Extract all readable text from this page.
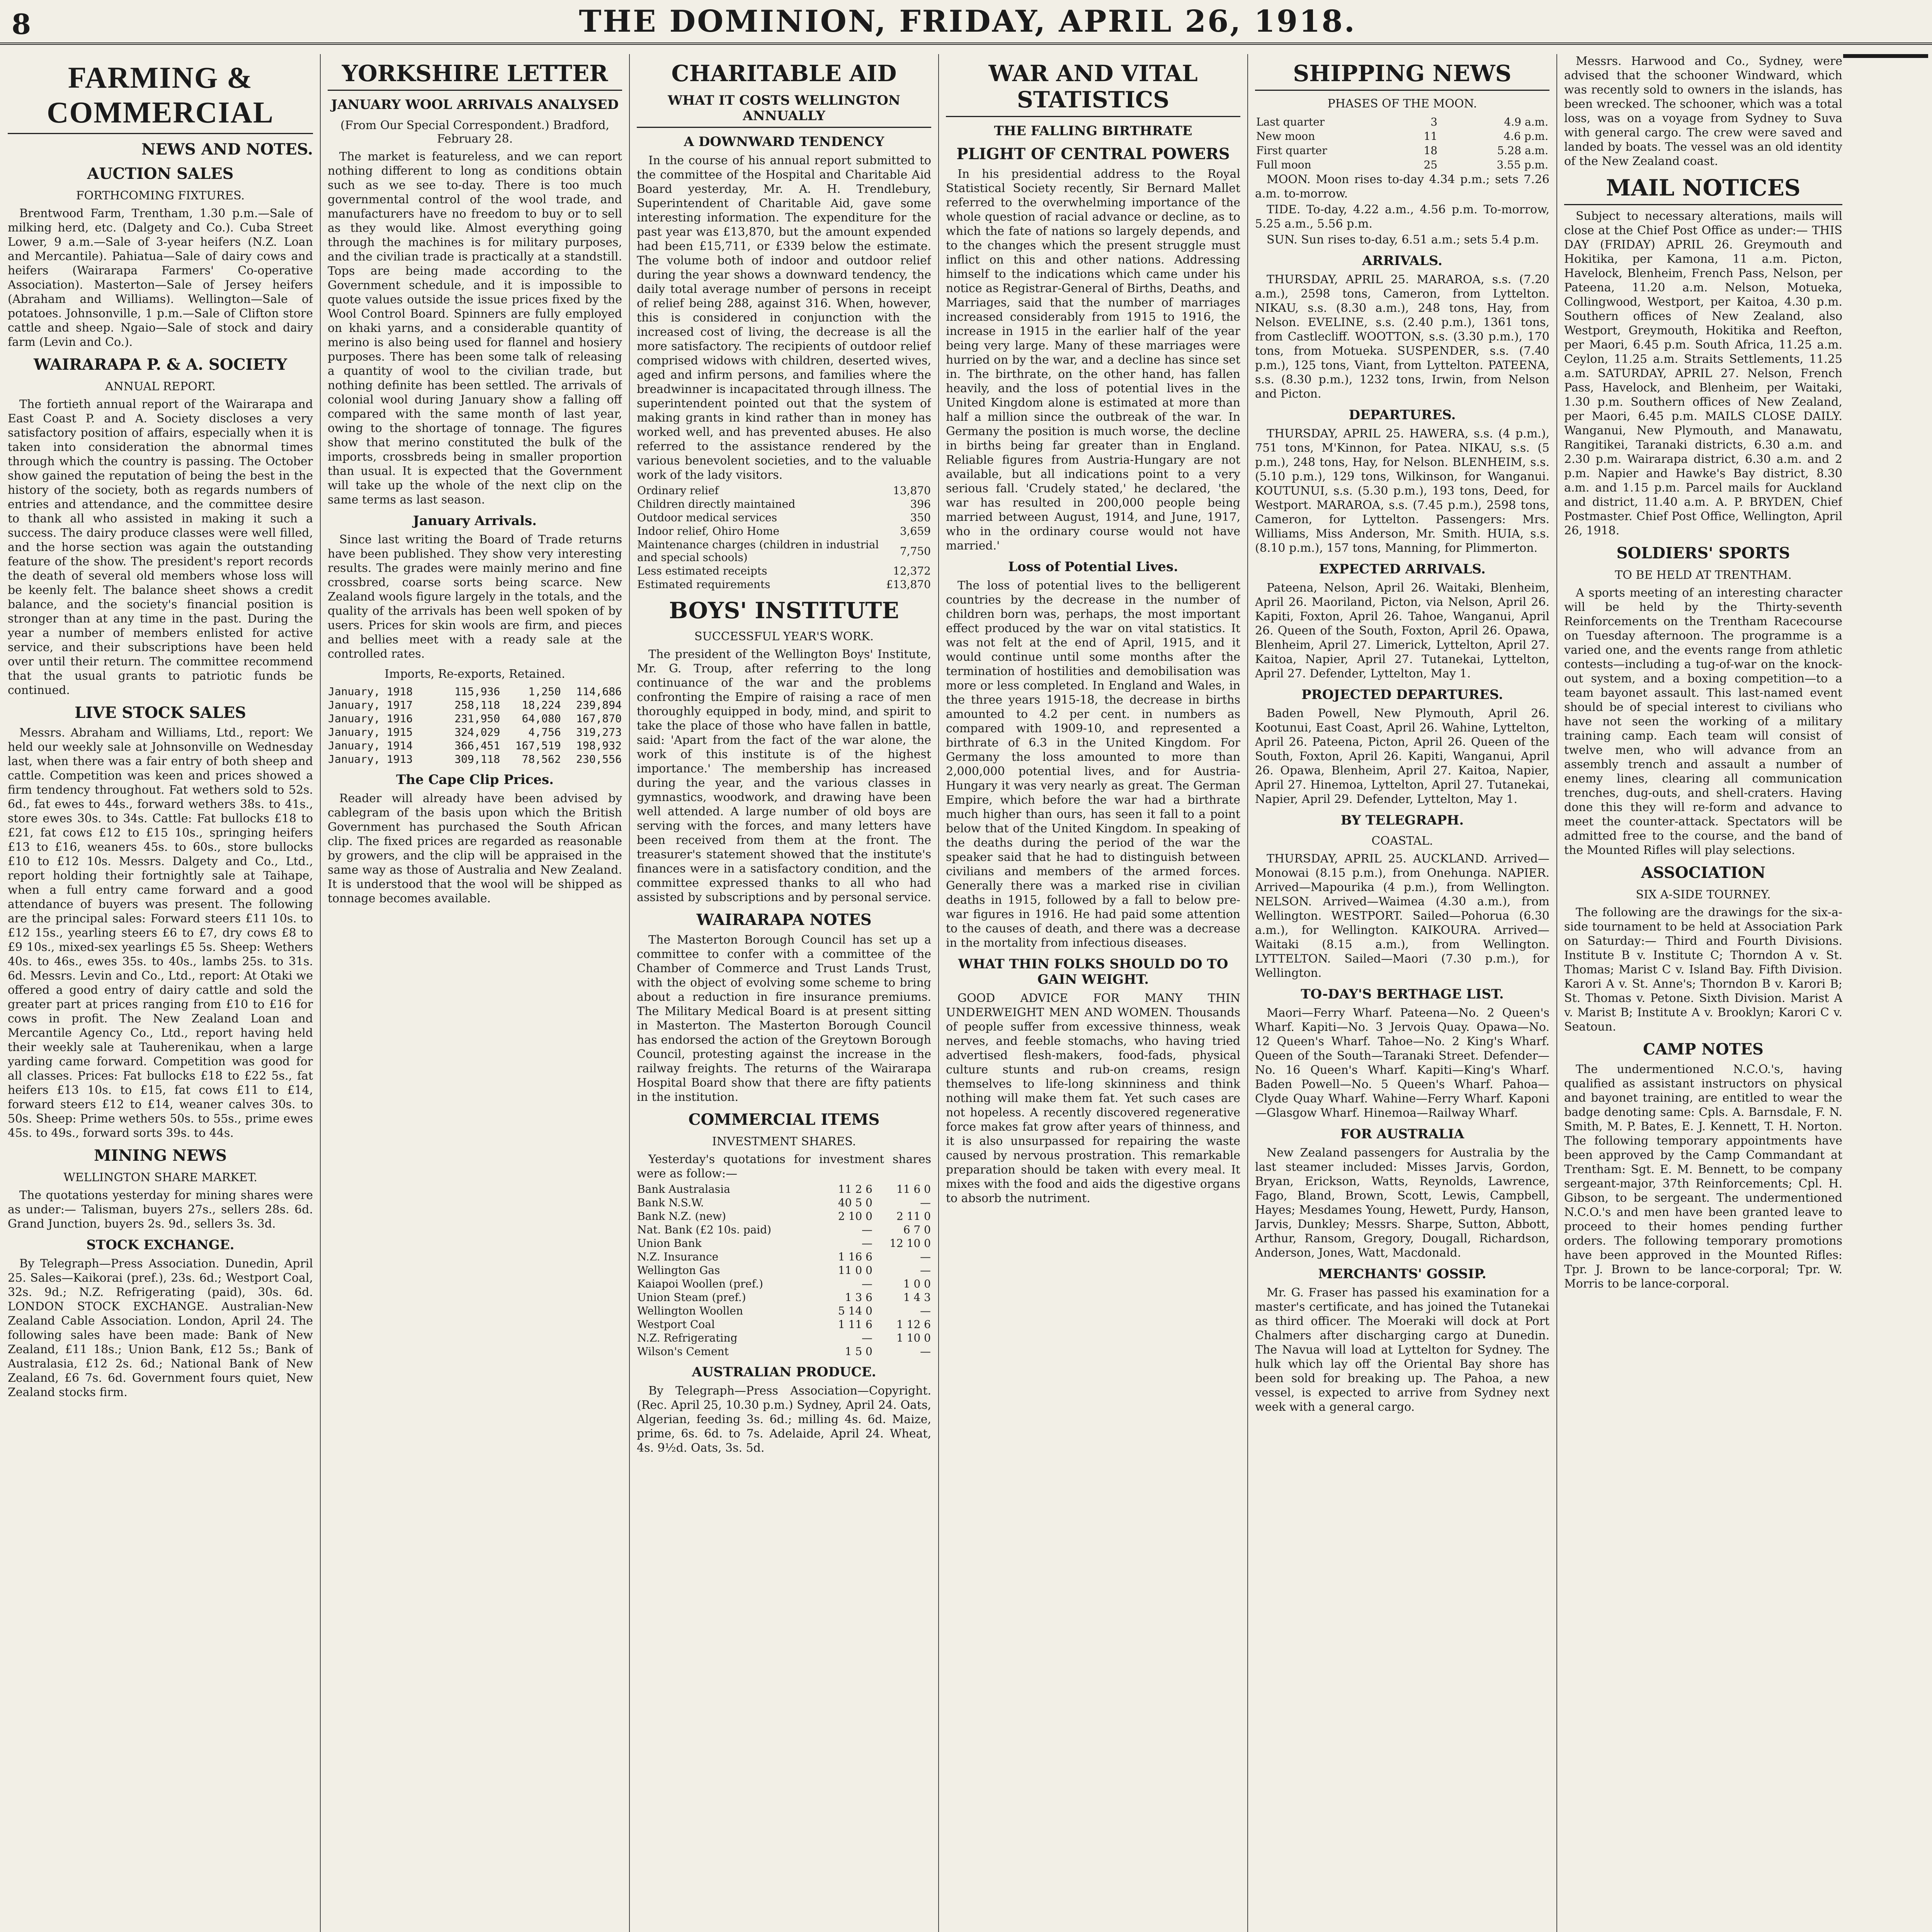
8	THE DOMINION, FRIDAY, APRIL 26, 1918.
FARMING & COMMERCIAL
NEWS AND NOTES.
AUCTION SALES
FORTHCOMING FIXTURES.

Brentwood Farm, Trentham, 1.30 p.m.—Sale of milking herd, etc. (Dalgety and Co.). Cuba Street Lower, 9 a.m.—Sale of 3-year heifers (N.Z. Loan and Mercantile). Pahiatua—Sale of dairy cows and heifers (Wairarapa Farmers' Co-operative Association). Masterton—Sale of Jersey heifers (Abraham and Williams). Wellington—Sale of potatoes. Johnsonville, 1 p.m.—Sale of Clifton store cattle and sheep. Ngaio—Sale of stock and dairy farm (Levin and Co.).

WAIRARAPA P. & A. SOCIETY
ANNUAL REPORT.

The fortieth annual report of the Wairarapa and East Coast P. and A. Society discloses a very satisfactory position of affairs, especially when it is taken into consideration the abnormal times through which the country is passing. The October show gained the reputation of being the best in the history of the society, both as regards numbers of entries and attendance, and the committee desire to thank all who assisted in making it such a success. The dairy produce classes were well filled, and the horse section was again the outstanding feature of the show. The president's report records the death of several old members whose loss will be keenly felt. The balance sheet shows a credit balance, and the society's financial position is stronger than at any time in the past. During the year a number of members enlisted for active service, and their subscriptions have been held over until their return. The committee recommend that the usual grants to patriotic funds be continued.

LIVE STOCK SALES

Messrs. Abraham and Williams, Ltd., report: We held our weekly sale at Johnsonville on Wednesday last, when there was a fair entry of both sheep and cattle. Competition was keen and prices showed a firm tendency throughout. Fat wethers sold to 52s. 6d., fat ewes to 44s., forward wethers 38s. to 41s., store ewes 30s. to 34s. Cattle: Fat bullocks £18 to £21, fat cows £12 to £15 10s., springing heifers £13 to £16, weaners 45s. to 60s., store bullocks £10 to £12 10s. Messrs. Dalgety and Co., Ltd., report holding their fortnightly sale at Taihape, when a full entry came forward and a good attendance of buyers was present. The following are the principal sales: Forward steers £11 10s. to £12 15s., yearling steers £6 to £7, dry cows £8 to £9 10s., mixed-sex yearlings £5 5s. Sheep: Wethers 40s. to 46s., ewes 35s. to 40s., lambs 25s. to 31s. 6d. Messrs. Levin and Co., Ltd., report: At Otaki we offered a good entry of dairy cattle and sold the greater part at prices ranging from £10 to £16 for cows in profit. The New Zealand Loan and Mercantile Agency Co., Ltd., report having held their weekly sale at Tauherenikau, when a large yarding came forward. Competition was good for all classes. Prices: Fat bullocks £18 to £22 5s., fat heifers £13 10s. to £15, fat cows £11 to £14, forward steers £12 to £14, weaner calves 30s. to 50s. Sheep: Prime wethers 50s. to 55s., prime ewes 45s. to 49s., forward sorts 39s. to 44s.

MINING NEWS
WELLINGTON SHARE MARKET.

The quotations yesterday for mining shares were as under:— Talisman, buyers 27s., sellers 28s. 6d. Grand Junction, buyers 2s. 9d., sellers 3s. 3d.

STOCK EXCHANGE.

By Telegraph—Press Association. Dunedin, April 25. Sales—Kaikorai (pref.), 23s. 6d.; Westport Coal, 32s. 9d.; N.Z. Refrigerating (paid), 30s. 6d. LONDON STOCK EXCHANGE. Australian-New Zealand Cable Association. London, April 24. The following sales have been made: Bank of New Zealand, £11 18s.; Union Bank, £12 5s.; Bank of Australasia, £12 2s. 6d.; National Bank of New Zealand, £6 7s. 6d. Government fours quiet, New Zealand stocks firm.

YORKSHIRE LETTER
JANUARY WOOL ARRIVALS ANALYSED
(From Our Special Correspondent.) Bradford, February 28.

The market is featureless, and we can report nothing different to long as conditions obtain such as we see to-day. There is too much governmental control of the wool trade, and manufacturers have no freedom to buy or to sell as they would like. Almost everything going through the machines is for military purposes, and the civilian trade is practically at a standstill. Tops are being made according to the Government schedule, and it is impossible to quote values outside the issue prices fixed by the Wool Control Board. Spinners are fully employed on khaki yarns, and a considerable quantity of merino is also being used for flannel and hosiery purposes. There has been some talk of releasing a quantity of wool to the civilian trade, but nothing definite has been settled. The arrivals of colonial wool during January show a falling off compared with the same month of last year, owing to the shortage of tonnage. The figures show that merino constituted the bulk of the imports, crossbreds being in smaller proportion than usual. It is expected that the Government will take up the whole of the next clip on the same terms as last season.

January Arrivals.

Since last writing the Board of Trade returns have been published. They show very interesting results. The grades were mainly merino and fine crossbred, coarse sorts being scarce. New Zealand wools figure largely in the totals, and the quality of the arrivals has been well spoken of by users. Prices for skin wools are firm, and pieces and bellies meet with a ready sale at the controlled rates.

Imports, Re-exports, Retained.
January, 1918	115,936	1,250	114,686
January, 1917	258,118	18,224	239,894
January, 1916	231,950	64,080	167,870
January, 1915	324,029	4,756	319,273
January, 1914	366,451	167,519	198,932
January, 1913	309,118	78,562	230,556
The Cape Clip Prices.

Reader will already have been advised by cablegram of the basis upon which the British Government has purchased the South African clip. The fixed prices are regarded as reasonable by growers, and the clip will be appraised in the same way as those of Australia and New Zealand. It is understood that the wool will be shipped as tonnage becomes available.

CHARITABLE AID
WHAT IT COSTS WELLINGTON ANNUALLY
A DOWNWARD TENDENCY

In the course of his annual report submitted to the committee of the Hospital and Charitable Aid Board yesterday, Mr. A. H. Trendlebury, Superintendent of Charitable Aid, gave some interesting information. The expenditure for the past year was £13,870, but the amount expended had been £15,711, or £339 below the estimate. The volume both of indoor and outdoor relief during the year shows a downward tendency, the daily total average number of persons in receipt of relief being 288, against 316. When, however, this is considered in conjunction with the increased cost of living, the decrease is all the more satisfactory. The recipients of outdoor relief comprised widows with children, deserted wives, aged and infirm persons, and families where the breadwinner is incapacitated through illness. The superintendent pointed out that the system of making grants in kind rather than in money has worked well, and has prevented abuses. He also referred to the assistance rendered by the various benevolent societies, and to the valuable work of the lady visitors.

Ordinary relief	13,870
Children directly maintained	396
Outdoor medical services	350
Indoor relief, Ohiro Home	3,659
Maintenance charges (children in industrial and special schools)	7,750
Less estimated receipts	12,372
Estimated requirements	£13,870
BOYS' INSTITUTE
SUCCESSFUL YEAR'S WORK.

The president of the Wellington Boys' Institute, Mr. G. Troup, after referring to the long continuance of the war and the problems confronting the Empire of raising a race of men thoroughly equipped in body, mind, and spirit to take the place of those who have fallen in battle, said: 'Apart from the fact of the war alone, the work of this institute is of the highest importance.' The membership has increased during the year, and the various classes in gymnastics, woodwork, and drawing have been well attended. A large number of old boys are serving with the forces, and many letters have been received from them at the front. The treasurer's statement showed that the institute's finances were in a satisfactory condition, and the committee expressed thanks to all who had assisted by subscriptions and by personal service.

WAIRARAPA NOTES

The Masterton Borough Council has set up a committee to confer with a committee of the Chamber of Commerce and Trust Lands Trust, with the object of evolving some scheme to bring about a reduction in fire insurance premiums. The Military Medical Board is at present sitting in Masterton. The Masterton Borough Council has endorsed the action of the Greytown Borough Council, protesting against the increase in the railway freights. The returns of the Wairarapa Hospital Board show that there are fifty patients in the institution.

COMMERCIAL ITEMS
INVESTMENT SHARES.

Yesterday's quotations for investment shares were as follow:—

Bank Australasia	11 2 6	11 6 0
Bank N.S.W.	40 5 0	—
Bank N.Z. (new)	2 10 0	2 11 0
Nat. Bank (£2 10s. paid)	—	6 7 0
Union Bank	—	12 10 0
N.Z. Insurance	1 16 6	—
Wellington Gas	11 0 0	—
Kaiapoi Woollen (pref.)	—	1 0 0
Union Steam (pref.)	1 3 6	1 4 3
Wellington Woollen	5 14 0	—
Westport Coal	1 11 6	1 12 6
N.Z. Refrigerating	—	1 10 0
Wilson's Cement	1 5 0	—
AUSTRALIAN PRODUCE.

By Telegraph—Press Association—Copyright. (Rec. April 25, 10.30 p.m.) Sydney, April 24. Oats, Algerian, feeding 3s. 6d.; milling 4s. 6d. Maize, prime, 6s. 6d. to 7s. Adelaide, April 24. Wheat, 4s. 9½d. Oats, 3s. 5d.

WAR AND VITAL STATISTICS
THE FALLING BIRTHRATE
PLIGHT OF CENTRAL POWERS

In his presidential address to the Royal Statistical Society recently, Sir Bernard Mallet referred to the overwhelming importance of the whole question of racial advance or decline, as to which the fate of nations so largely depends, and to the changes which the present struggle must inflict on this and other nations. Addressing himself to the indications which came under his notice as Registrar-General of Births, Deaths, and Marriages, said that the number of marriages increased considerably from 1915 to 1916, the increase in 1915 in the earlier half of the year being very large. Many of these marriages were hurried on by the war, and a decline has since set in. The birthrate, on the other hand, has fallen heavily, and the loss of potential lives in the United Kingdom alone is estimated at more than half a million since the outbreak of the war. In Germany the position is much worse, the decline in births being far greater than in England. Reliable figures from Austria-Hungary are not available, but all indications point to a very serious fall. 'Crudely stated,' he declared, 'the war has resulted in 200,000 people being married between August, 1914, and June, 1917, who in the ordinary course would not have married.'

Loss of Potential Lives.

The loss of potential lives to the belligerent countries by the decrease in the number of children born was, perhaps, the most important effect produced by the war on vital statistics. It was not felt at the end of April, 1915, and it would continue until some months after the termination of hostilities and demobilisation was more or less completed. In England and Wales, in the three years 1915-18, the decrease in births amounted to 4.2 per cent. in numbers as compared with 1909-10, and represented a birthrate of 6.3 in the United Kingdom. For Germany the loss amounted to more than 2,000,000 potential lives, and for Austria-Hungary it was very nearly as great. The German Empire, which before the war had a birthrate much higher than ours, has seen it fall to a point below that of the United Kingdom. In speaking of the deaths during the period of the war the speaker said that he had to distinguish between civilians and members of the armed forces. Generally there was a marked rise in civilian deaths in 1915, followed by a fall to below pre-war figures in 1916. He had paid some attention to the causes of death, and there was a decrease in the mortality from infectious diseases.

WHAT THIN FOLKS SHOULD DO TO GAIN WEIGHT.

GOOD ADVICE FOR MANY THIN UNDERWEIGHT MEN AND WOMEN. Thousands of people suffer from excessive thinness, weak nerves, and feeble stomachs, who having tried advertised flesh-makers, food-fads, physical culture stunts and rub-on creams, resign themselves to life-long skinniness and think nothing will make them fat. Yet such cases are not hopeless. A recently discovered regenerative force makes fat grow after years of thinness, and it is also unsurpassed for repairing the waste caused by nervous prostration. This remarkable preparation should be taken with every meal. It mixes with the food and aids the digestive organs to absorb the nutriment.

SHIPPING NEWS
PHASES OF THE MOON.
Last quarter	3	4.9 a.m.
New moon	11	4.6 p.m.
First quarter	18	5.28 a.m.
Full moon	25	3.55 p.m.

MOON. Moon rises to-day 4.34 p.m.; sets 7.26 a.m. to-morrow.

TIDE. To-day, 4.22 a.m., 4.56 p.m. To-morrow, 5.25 a.m., 5.56 p.m.

SUN. Sun rises to-day, 6.51 a.m.; sets 5.4 p.m.

ARRIVALS.

THURSDAY, APRIL 25. MARAROA, s.s. (7.20 a.m.), 2598 tons, Cameron, from Lyttelton. NIKAU, s.s. (8.30 a.m.), 248 tons, Hay, from Nelson. EVELINE, s.s. (2.40 p.m.), 1361 tons, from Castlecliff. WOOTTON, s.s. (3.30 p.m.), 170 tons, from Motueka. SUSPENDER, s.s. (7.40 p.m.), 125 tons, Viant, from Lyttelton. PATEENA, s.s. (8.30 p.m.), 1232 tons, Irwin, from Nelson and Picton.

DEPARTURES.

THURSDAY, APRIL 25. HAWERA, s.s. (4 p.m.), 751 tons, M'Kinnon, for Patea. NIKAU, s.s. (5 p.m.), 248 tons, Hay, for Nelson. BLENHEIM, s.s. (5.10 p.m.), 129 tons, Wilkinson, for Wanganui. KOUTUNUI, s.s. (5.30 p.m.), 193 tons, Deed, for Westport. MARAROA, s.s. (7.45 p.m.), 2598 tons, Cameron, for Lyttelton. Passengers: Mrs. Williams, Miss Anderson, Mr. Smith. HUIA, s.s. (8.10 p.m.), 157 tons, Manning, for Plimmerton.

EXPECTED ARRIVALS.

Pateena, Nelson, April 26. Waitaki, Blenheim, April 26. Maoriland, Picton, via Nelson, April 26. Kapiti, Foxton, April 26. Tahoe, Wanganui, April 26. Queen of the South, Foxton, April 26. Opawa, Blenheim, April 27. Limerick, Lyttelton, April 27. Kaitoa, Napier, April 27. Tutanekai, Lyttelton, April 27. Defender, Lyttelton, May 1.

PROJECTED DEPARTURES.

Baden Powell, New Plymouth, April 26. Kootunui, East Coast, April 26. Wahine, Lyttelton, April 26. Pateena, Picton, April 26. Queen of the South, Foxton, April 26. Kapiti, Wanganui, April 26. Opawa, Blenheim, April 27. Kaitoa, Napier, April 27. Hinemoa, Lyttelton, April 27. Tutanekai, Napier, April 29. Defender, Lyttelton, May 1.

BY TELEGRAPH.
COASTAL.

THURSDAY, APRIL 25. AUCKLAND. Arrived—Monowai (8.15 p.m.), from Onehunga. NAPIER. Arrived—Mapourika (4 p.m.), from Wellington. NELSON. Arrived—Waimea (4.30 a.m.), from Wellington. WESTPORT. Sailed—Pohorua (6.30 a.m.), for Wellington. KAIKOURA. Arrived—Waitaki (8.15 a.m.), from Wellington. LYTTELTON. Sailed—Maori (7.30 p.m.), for Wellington.

TO-DAY'S BERTHAGE LIST.

Maori—Ferry Wharf. Pateena—No. 2 Queen's Wharf. Kapiti—No. 3 Jervois Quay. Opawa—No. 12 Queen's Wharf. Tahoe—No. 2 King's Wharf. Queen of the South—Taranaki Street. Defender—No. 16 Queen's Wharf. Kapiti—King's Wharf. Baden Powell—No. 5 Queen's Wharf. Pahoa—Clyde Quay Wharf. Wahine—Ferry Wharf. Kaponi—Glasgow Wharf. Hinemoa—Railway Wharf.

FOR AUSTRALIA

New Zealand passengers for Australia by the last steamer included: Misses Jarvis, Gordon, Bryan, Erickson, Watts, Reynolds, Lawrence, Fago, Bland, Brown, Scott, Lewis, Campbell, Hayes; Mesdames Young, Hewett, Purdy, Hanson, Jarvis, Dunkley; Messrs. Sharpe, Sutton, Abbott, Arthur, Ransom, Gregory, Dougall, Richardson, Anderson, Jones, Watt, Macdonald.

MERCHANTS' GOSSIP.

Mr. G. Fraser has passed his examination for a master's certificate, and has joined the Tutanekai as third officer. The Moeraki will dock at Port Chalmers after discharging cargo at Dunedin. The Navua will load at Lyttelton for Sydney. The hulk which lay off the Oriental Bay shore has been sold for breaking up. The Pahoa, a new vessel, is expected to arrive from Sydney next week with a general cargo.

Messrs. Harwood and Co., Sydney, were advised that the schooner Windward, which was recently sold to owners in the islands, has been wrecked. The schooner, which was a total loss, was on a voyage from Sydney to Suva with general cargo. The crew were saved and landed by boats. The vessel was an old identity of the New Zealand coast.

MAIL NOTICES

Subject to necessary alterations, mails will close at the Chief Post Office as under:— THIS DAY (FRIDAY) APRIL 26. Greymouth and Hokitika, per Kamona, 11 a.m. Picton, Havelock, Blenheim, French Pass, Nelson, per Pateena, 11.20 a.m. Nelson, Motueka, Collingwood, Westport, per Kaitoa, 4.30 p.m. Southern offices of New Zealand, also Westport, Greymouth, Hokitika and Reefton, per Maori, 6.45 p.m. South Africa, 11.25 a.m. Ceylon, 11.25 a.m. Straits Settlements, 11.25 a.m. SATURDAY, APRIL 27. Nelson, French Pass, Havelock, and Blenheim, per Waitaki, 1.30 p.m. Southern offices of New Zealand, per Maori, 6.45 p.m. MAILS CLOSE DAILY. Wanganui, New Plymouth, and Manawatu, Rangitikei, Taranaki districts, 6.30 a.m. and 2.30 p.m. Wairarapa district, 6.30 a.m. and 2 p.m. Napier and Hawke's Bay district, 8.30 a.m. and 1.15 p.m. Parcel mails for Auckland and district, 11.40 a.m. A. P. BRYDEN, Chief Postmaster. Chief Post Office, Wellington, April 26, 1918.

SOLDIERS' SPORTS
TO BE HELD AT TRENTHAM.

A sports meeting of an interesting character will be held by the Thirty-seventh Reinforcements on the Trentham Racecourse on Tuesday afternoon. The programme is a varied one, and the events range from athletic contests—including a tug-of-war on the knock-out system, and a boxing competition—to a team bayonet assault. This last-named event should be of special interest to civilians who have not seen the working of a military training camp. Each team will consist of twelve men, who will advance from an assembly trench and assault a number of enemy lines, clearing all communication trenches, dug-outs, and shell-craters. Having done this they will re-form and advance to meet the counter-attack. Spectators will be admitted free to the course, and the band of the Mounted Rifles will play selections.

ASSOCIATION
SIX A-SIDE TOURNEY.

The following are the drawings for the six-a-side tournament to be held at Association Park on Saturday:— Third and Fourth Divisions. Institute B v. Institute C; Thorndon A v. St. Thomas; Marist C v. Island Bay. Fifth Division. Karori A v. St. Anne's; Thorndon B v. Karori B; St. Thomas v. Petone. Sixth Division. Marist A v. Marist B; Institute A v. Brooklyn; Karori C v. Seatoun.

CAMP NOTES

The undermentioned N.C.O.'s, having qualified as assistant instructors on physical and bayonet training, are entitled to wear the badge denoting same: Cpls. A. Barnsdale, F. N. Smith, M. P. Bates, E. J. Kennett, T. H. Norton. The following temporary appointments have been approved by the Camp Commandant at Trentham: Sgt. E. M. Bennett, to be company sergeant-major, 37th Reinforcements; Cpl. H. Gibson, to be sergeant. The undermentioned N.C.O.'s and men have been granted leave to proceed to their homes pending further orders. The following temporary promotions have been approved in the Mounted Rifles: Tpr. J. Brown to be lance-corporal; Tpr. W. Morris to be lance-corporal.
